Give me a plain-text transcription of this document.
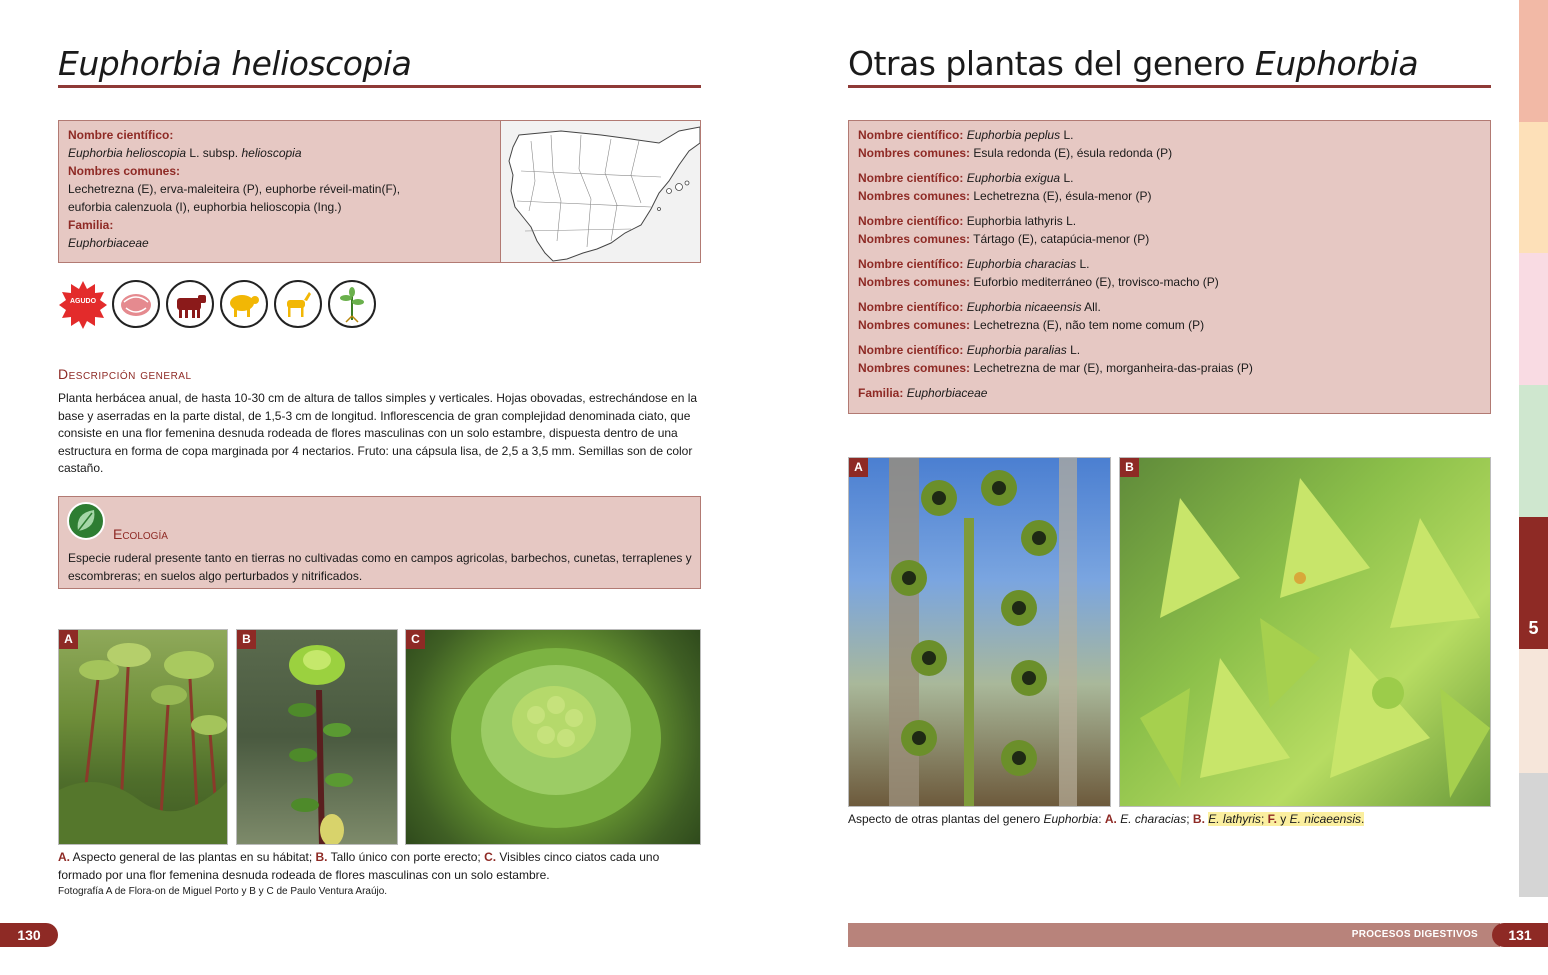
Euphorbia helioscopia
Nombre científico:
Euphorbia helioscopia L. subsp. helioscopia
Nombres comunes:
Lechetrezna (E), erva-maleiteira (P), euphorbe réveil-matin(F),
euforbia calenzuola (I), euphorbia helioscopia (Ing.)
Familia:
Euphorbiaceae
AGUDO
Descripción general
Planta herbácea anual, de hasta 10-30 cm de altura de tallos simples y verticales. Hojas obovadas, estrechándose en la base y aserradas en la parte distal, de 1,5-3 cm de longitud. Inflorescencia de gran complejidad denominada ciato, que consiste en una flor femenina desnuda rodeada de flores masculinas con un solo estambre, dispuesta dentro de una estructura en forma de copa marginada por 4 nectarios. Fruto: una cápsula lisa, de 2,5 a 3,5 mm. Semillas son de color castaño.
Ecología
Especie ruderal presente tanto en tierras no cultivadas como en campos agricolas, barbechos, cunetas, terraplenes y escombreras; en suelos algo perturbados y nitrificados.
A	B	C
A. Aspecto general de las plantas en su hábitat; B. Tallo único con porte erecto; C. Visibles cinco ciatos cada uno formado por una flor femenina desnuda rodeada de flores masculinas con un solo estambre.
Fotografía A de Flora-on de Miguel Porto y B y C de Paulo Ventura Araújo.
130	PROCESOS DIGESTIVOS
Otras plantas del genero Euphorbia
Nombre científico: Euphorbia peplus L.
Nombres comunes: Esula redonda (E), ésula redonda (P)
Nombre científico: Euphorbia exigua L.
Nombres comunes: Lechetrezna (E), ésula-menor (P)
Nombre científico: Euphorbia lathyris L.
Nombres comunes: Tártago (E), catapúcia-menor (P)
Nombre científico: Euphorbia characias L.
Nombres comunes: Euforbio mediterráneo (E), trovisco-macho (P)
Nombre científico: Euphorbia nicaeensis All.
Nombres comunes: Lechetrezna (E), não tem nome comum (P)
Nombre científico: Euphorbia paralias L.
Nombres comunes: Lechetrezna de mar (E), morganheira-das-praias (P)
Familia: Euphorbiaceae
A	B
Aspecto de otras plantas del genero Euphorbia: A. E. characias; B. E. lathyris; F. y E. nicaeensis.
PROCESOS DIGESTIVOS	131
5
